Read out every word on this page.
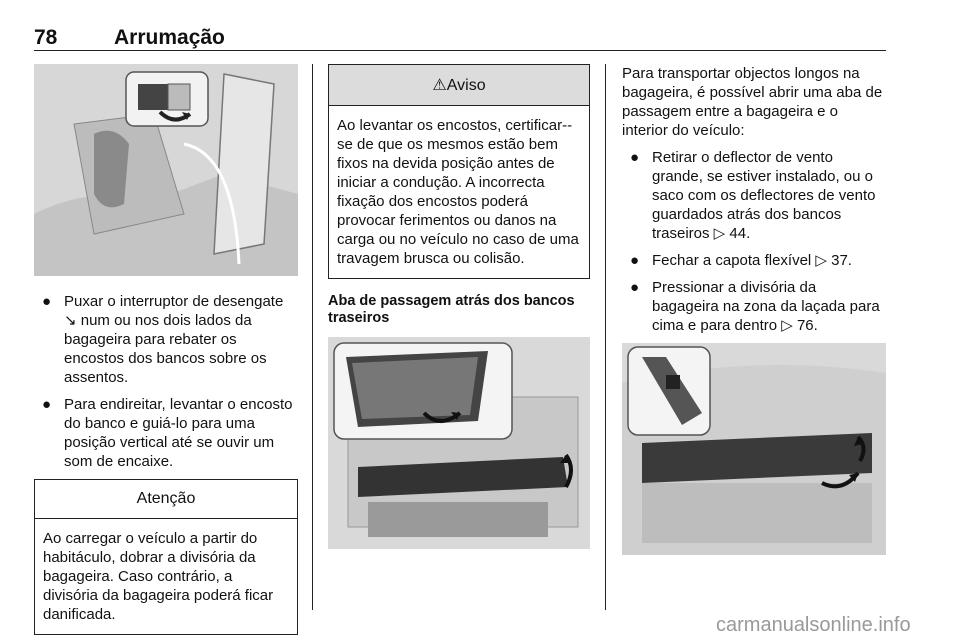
78	Arrumação
● Puxar o interruptor de desengate ↘ num ou nos dois lados da bagageira para rebater os encostos dos bancos sobre os assentos.
● Para endireitar, levantar o encosto do banco e guiá-lo para uma posição vertical até se ouvir um som de encaixe.
Atenção
Ao carregar o veículo a partir do habitáculo, dobrar a divisória da bagageira. Caso contrário, a divisória da bagageira poderá ficar danificada.
⚠Aviso
Ao levantar os encostos, certificar--se de que os mesmos estão bem fixos na devida posição antes de iniciar a condução. A incorrecta fixação dos encostos poderá provocar ferimentos ou danos na carga ou no veículo no caso de uma travagem brusca ou colisão.
Aba de passagem atrás dos bancos traseiros
Para transportar objectos longos na bagageira, é possível abrir uma aba de passagem entre a bagageira e o interior do veículo:
● Retirar o deflector de vento grande, se estiver instalado, ou o saco com os deflectores de vento guardados atrás dos bancos traseiros ▷ 44.
● Fechar a capota flexível ▷ 37.
● Pressionar a divisória da bagageira na zona da laçada para cima e para dentro ▷ 76.
carmanualsonline.info
